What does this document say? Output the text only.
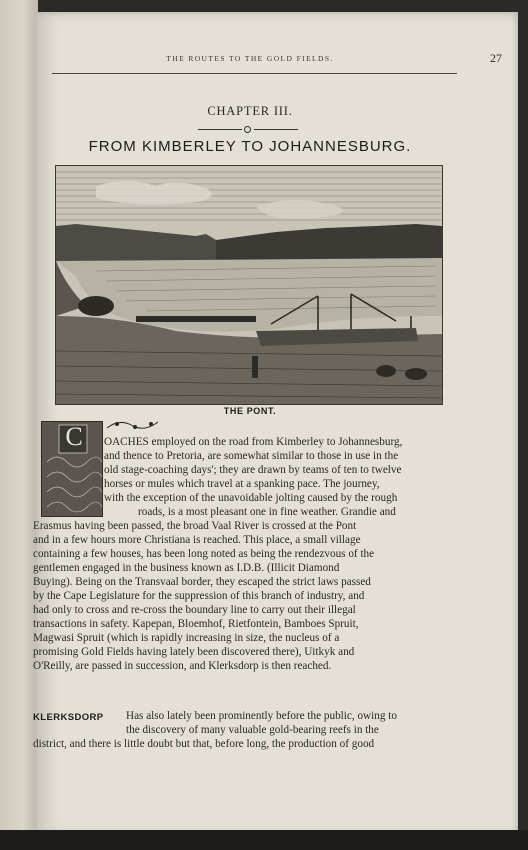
THE ROUTES TO THE GOLD FIELDS.	27
CHAPTER III.
FROM KIMBERLEY TO JOHANNESBURG.
THE PONT.
C OACHES employed on the road from Kimberley to Johannesburg,
and thence to Pretoria, are somewhat similar to those in use in the
old stage-coaching days'; they are drawn by teams of ten to twelve
horses or mules which travel at a spanking pace. The journey,
with the exception of the unavoidable jolting caused by the rough
roads, is a most pleasant one in fine weather. Grandie and
Erasmus having been passed, the broad Vaal River is crossed at the Pont
and in a few hours more Christiana is reached. This place, a small village
containing a few houses, has been long noted as being the rendezvous of the
gentlemen engaged in the business known as I.D.B. (Illicit Diamond
Buying). Being on the Transvaal border, they escaped the strict laws passed
by the Cape Legislature for the suppression of this branch of industry, and
had only to cross and re-cross the boundary line to carry out their illegal
transactions in safety. Kapepan, Bloemhof, Rietfontein, Bamboes Spruit,
Magwasi Spruit (which is rapidly increasing in size, the nucleus of a
promising Gold Fields having lately been discovered there), Uitkyk and
O'Reilly, are passed in succession, and Klerksdorp is then reached.
KLERKSDORP Has also lately been prominently before the public, owing to
the discovery of many valuable gold-bearing reefs in the
district, and there is little doubt but that, before long, the production of good
